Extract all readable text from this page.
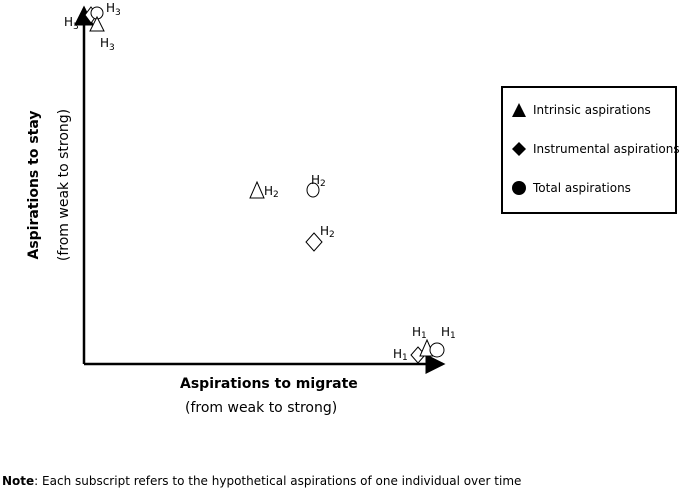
Aspirations to stay (from weak to strong)
$H_3$
$H_3$
$H_3$
H2
H2
H2
H1
H1 H1
Aspirations to migrate
(from weak to strong)
Intrinsic aspirations
Instrumental aspirations
Total aspirations
Note: Each subscript refers to the hypothetical aspirations of one individual over time
